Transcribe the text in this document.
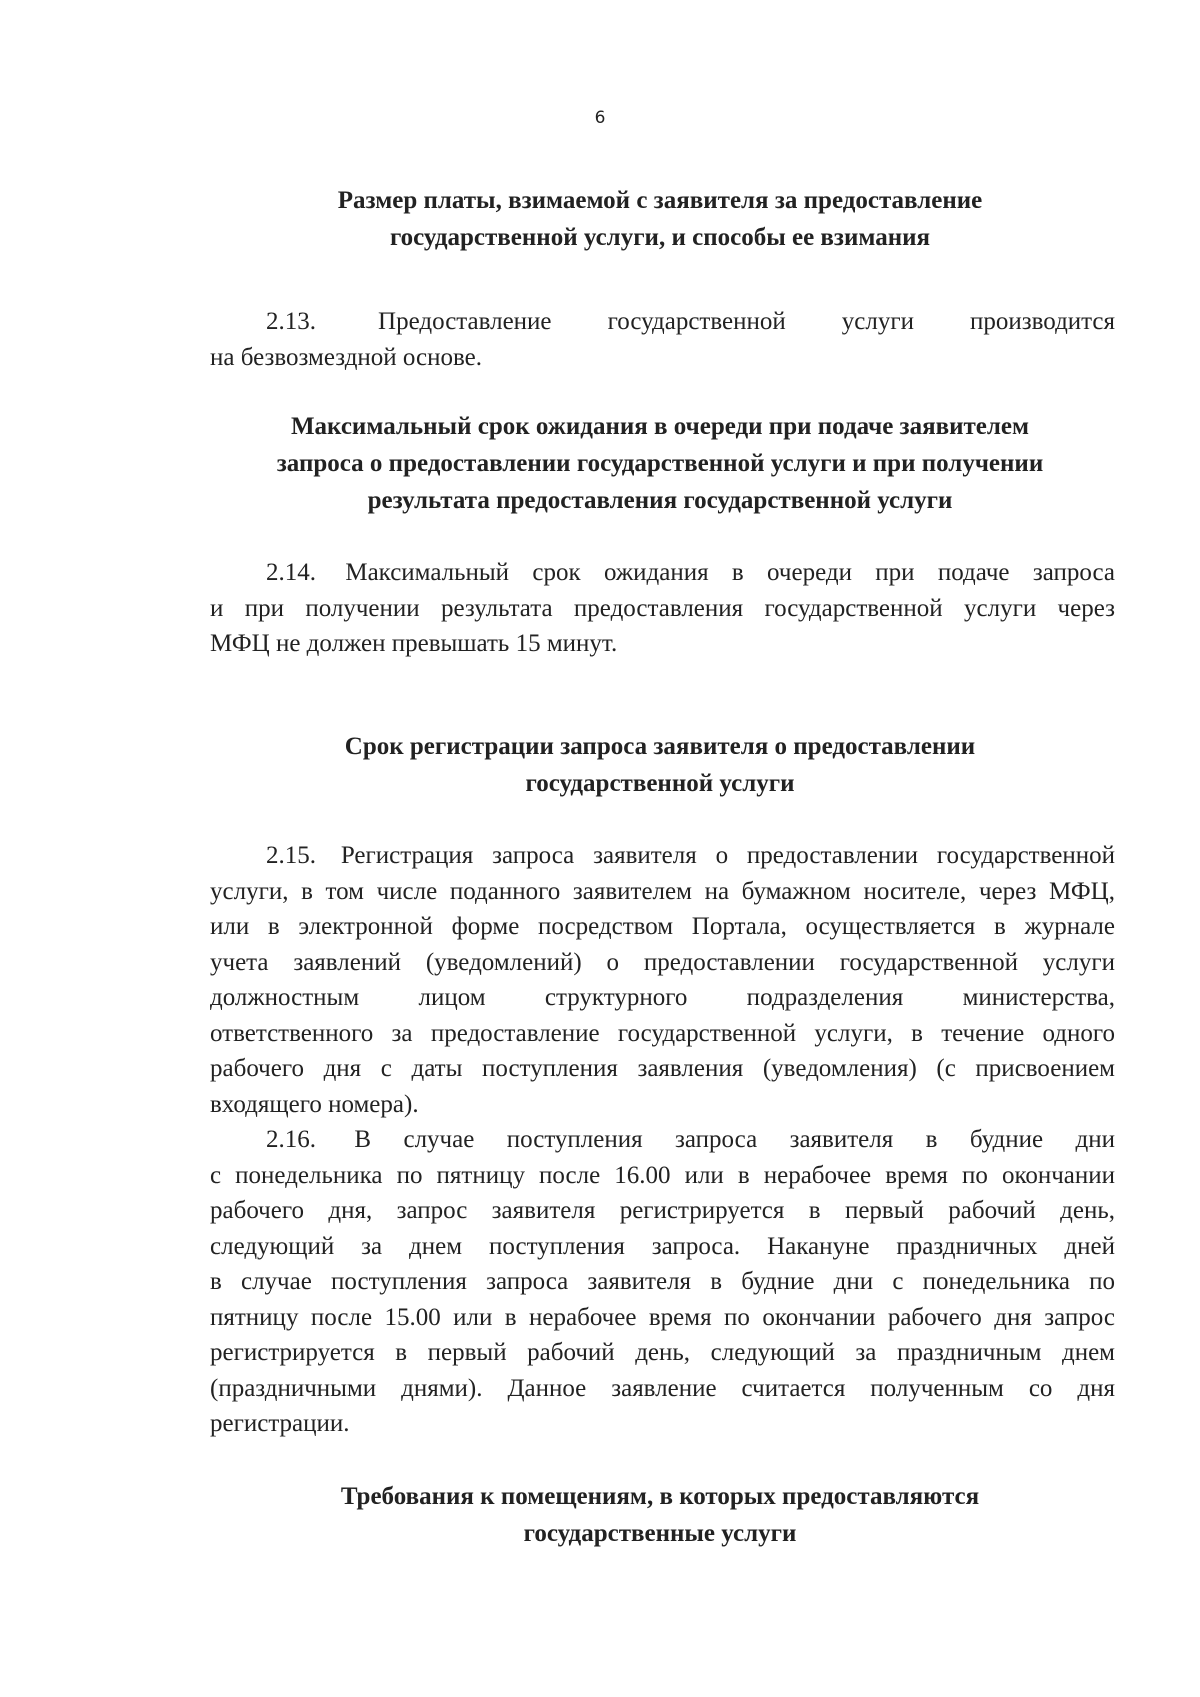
6
Размер платы, взимаемой с заявителя за предоставление
государственной услуги, и способы ее взимания
2.13. Предоставление государственной услуги производится
на безвозмездной основе.
Максимальный срок ожидания в очереди при подаче заявителем
запроса о предоставлении государственной услуги и при получении
результата предоставления государственной услуги
2.14. Максимальный срок ожидания в очереди при подаче запроса
и при получении результата предоставления государственной услуги через
МФЦ не должен превышать 15 минут.
Срок регистрации запроса заявителя о предоставлении
государственной услуги
2.15. Регистрация запроса заявителя о предоставлении государственной
услуги, в том числе поданного заявителем на бумажном носителе, через МФЦ,
или в электронной форме посредством Портала, осуществляется в журнале
учета заявлений (уведомлений) о предоставлении государственной услуги
должностным лицом структурного подразделения министерства,
ответственного за предоставление государственной услуги, в течение одного
рабочего дня с даты поступления заявления (уведомления) (с присвоением
входящего номера).
2.16. В случае поступления запроса заявителя в будние дни
с понедельника по пятницу после 16.00 или в нерабочее время по окончании
рабочего дня, запрос заявителя регистрируется в первый рабочий день,
следующий за днем поступления запроса. Накануне праздничных дней
в случае поступления запроса заявителя в будние дни с понедельника по
пятницу после 15.00 или в нерабочее время по окончании рабочего дня запрос
регистрируется в первый рабочий день, следующий за праздничным днем
(праздничными днями). Данное заявление считается полученным со дня
регистрации.
Требования к помещениям, в которых предоставляются
государственные услуги
